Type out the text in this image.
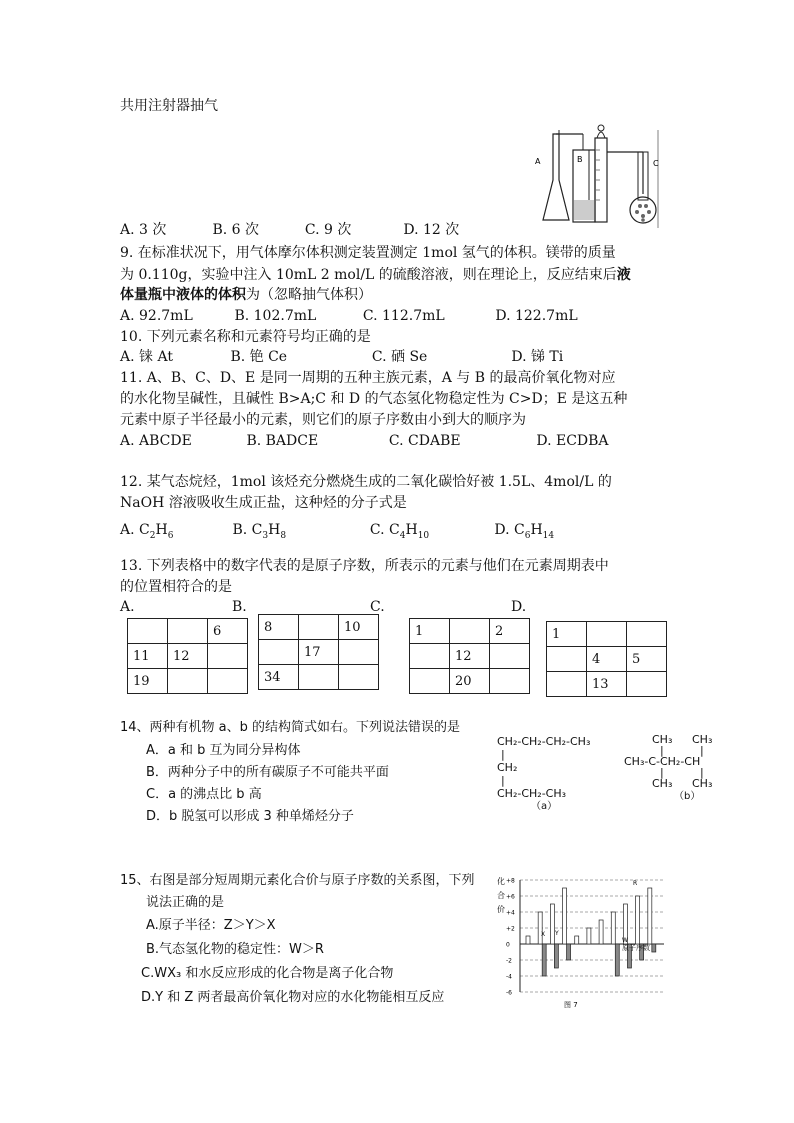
共用注射器抽气
A	B	C
A. 3 次	B. 6 次	C. 9 次	D. 12 次
9. 在标准状况下，用气体摩尔体积测定装置测定 1mol 氢气的体积。镁带的质量
为 0.110g，实验中注入 10mL 2 mol/L 的硫酸溶液，则在理论上，反应结束后液
体量瓶中液体的体积为（忽略抽气体积）
A. 92.7mL	B. 102.7mL	C. 112.7mL	D. 122.7mL
10. 下列元素名称和元素符号均正确的是
A. 铼 At	B. 铯 Ce	C. 硒 Se	D. 锑 Ti
11. A、B、C、D、E 是同一周期的五种主族元素，A 与 B 的最高价氧化物对应
的水化物呈碱性，且碱性 B>A;C 和 D 的气态氢化物稳定性为 C>D；E 是这五种
元素中原子半径最小的元素，则它们的原子序数由小到大的顺序为
A. ABCDE	B. BADCE	C. CDABE	D. ECDBA
12. 某气态烷烃，1mol 该烃充分燃烧生成的二氧化碳恰好被 1.5L、4mol/L 的
NaOH 溶液吸收生成正盐，这种烃的分子式是
A. $C_2H_6$	B. $C_3H_8$	C. $C_4H_{10}$	D. $C_6H_{14}$
13. 下列表格中的数字代表的是原子序数，所表示的元素与他们在元素周期表中
的位置相符合的是
A.	B.	C.	D.
		6
11	12	
19		
8		10
	17	
34		
1		2
	12	
	20	
1		
	4	5
	13	
14、两种有机物 a、b 的结构简式如右。下列说法错误的是
A．a 和 b 互为同分异构体
B．两种分子中的所有碳原子不可能共平面
C．a 的沸点比 b 高
D．b 脱氢可以形成 3 种单烯烃分子
CH₂-CH₂-CH₂-CH₃
|
CH₂
|
CH₂-CH₂-CH₃
（a）
CH₃ CH₃
|	|
CH₃-C-CH₂-CH
|	|
CH₃ CH₃
（b）
15、右图是部分短周期元素化合价与原子序数的关系图，下列
说法正确的是
A.原子半径：Z＞Y＞X
B.气态氢化物的稳定性：W＞R
C.WX₃ 和水反应形成的化合物是离子化合物
D.Y 和 Z 两者最高价氧化物对应的水化物能相互反应
化
合
价
+8
+6
+4
+2
0
-2
-4
-6
原子序数
图 7
X Y
W
R
